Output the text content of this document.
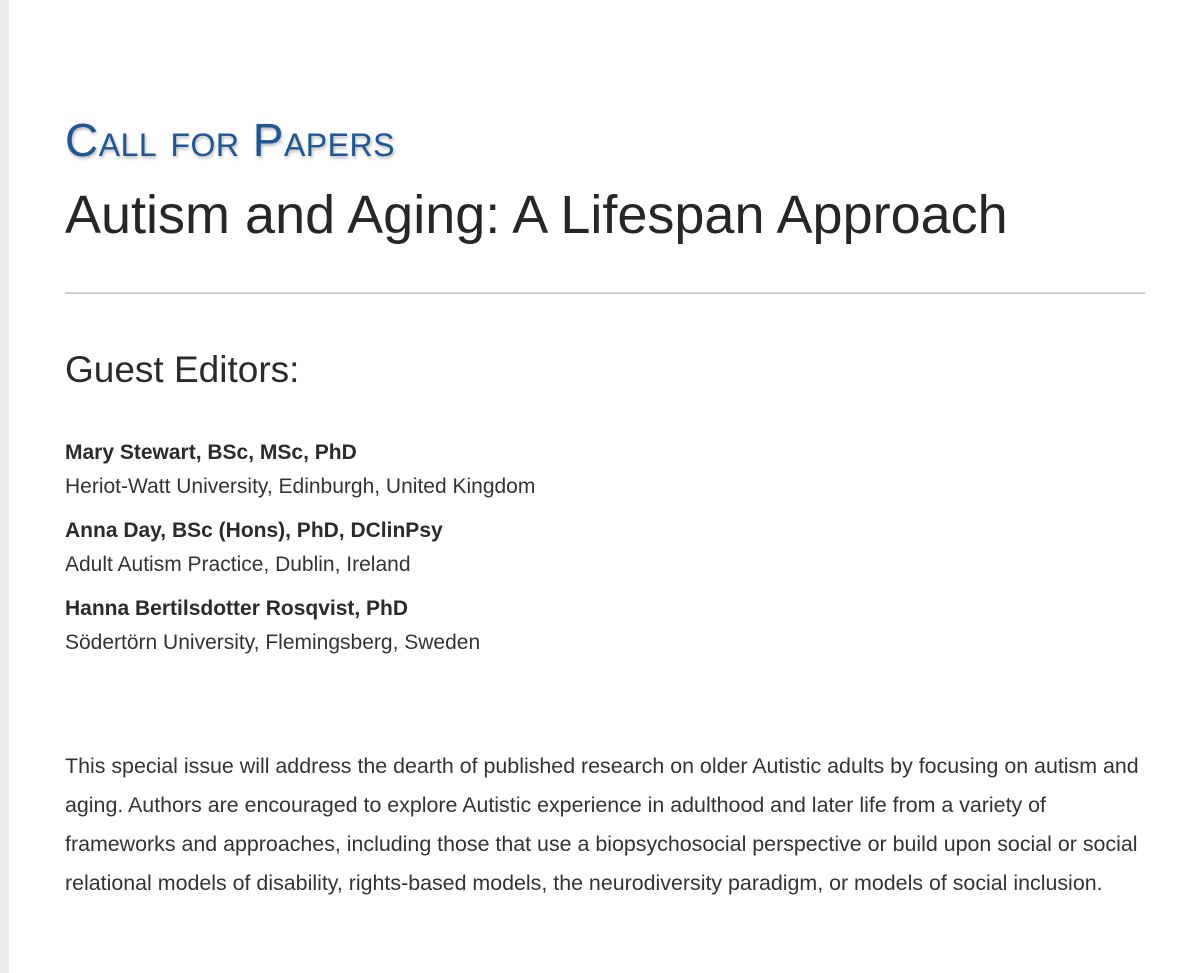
Call for Papers
Autism and Aging: A Lifespan Approach
Guest Editors:
Mary Stewart, BSc, MSc, PhD
Heriot-Watt University, Edinburgh, United Kingdom
Anna Day, BSc (Hons), PhD, DClinPsy
Adult Autism Practice, Dublin, Ireland
Hanna Bertilsdotter Rosqvist, PhD
Södertörn University, Flemingsberg, Sweden

This special issue will address the dearth of published research on older Autistic adults by focusing on autism and aging. Authors are encouraged to explore Autistic experience in adulthood and later life from a variety of frameworks and approaches, including those that use a biopsychosocial perspective or build upon social or social relational models of disability, rights-based models, the neurodiversity paradigm, or models of social inclusion.
